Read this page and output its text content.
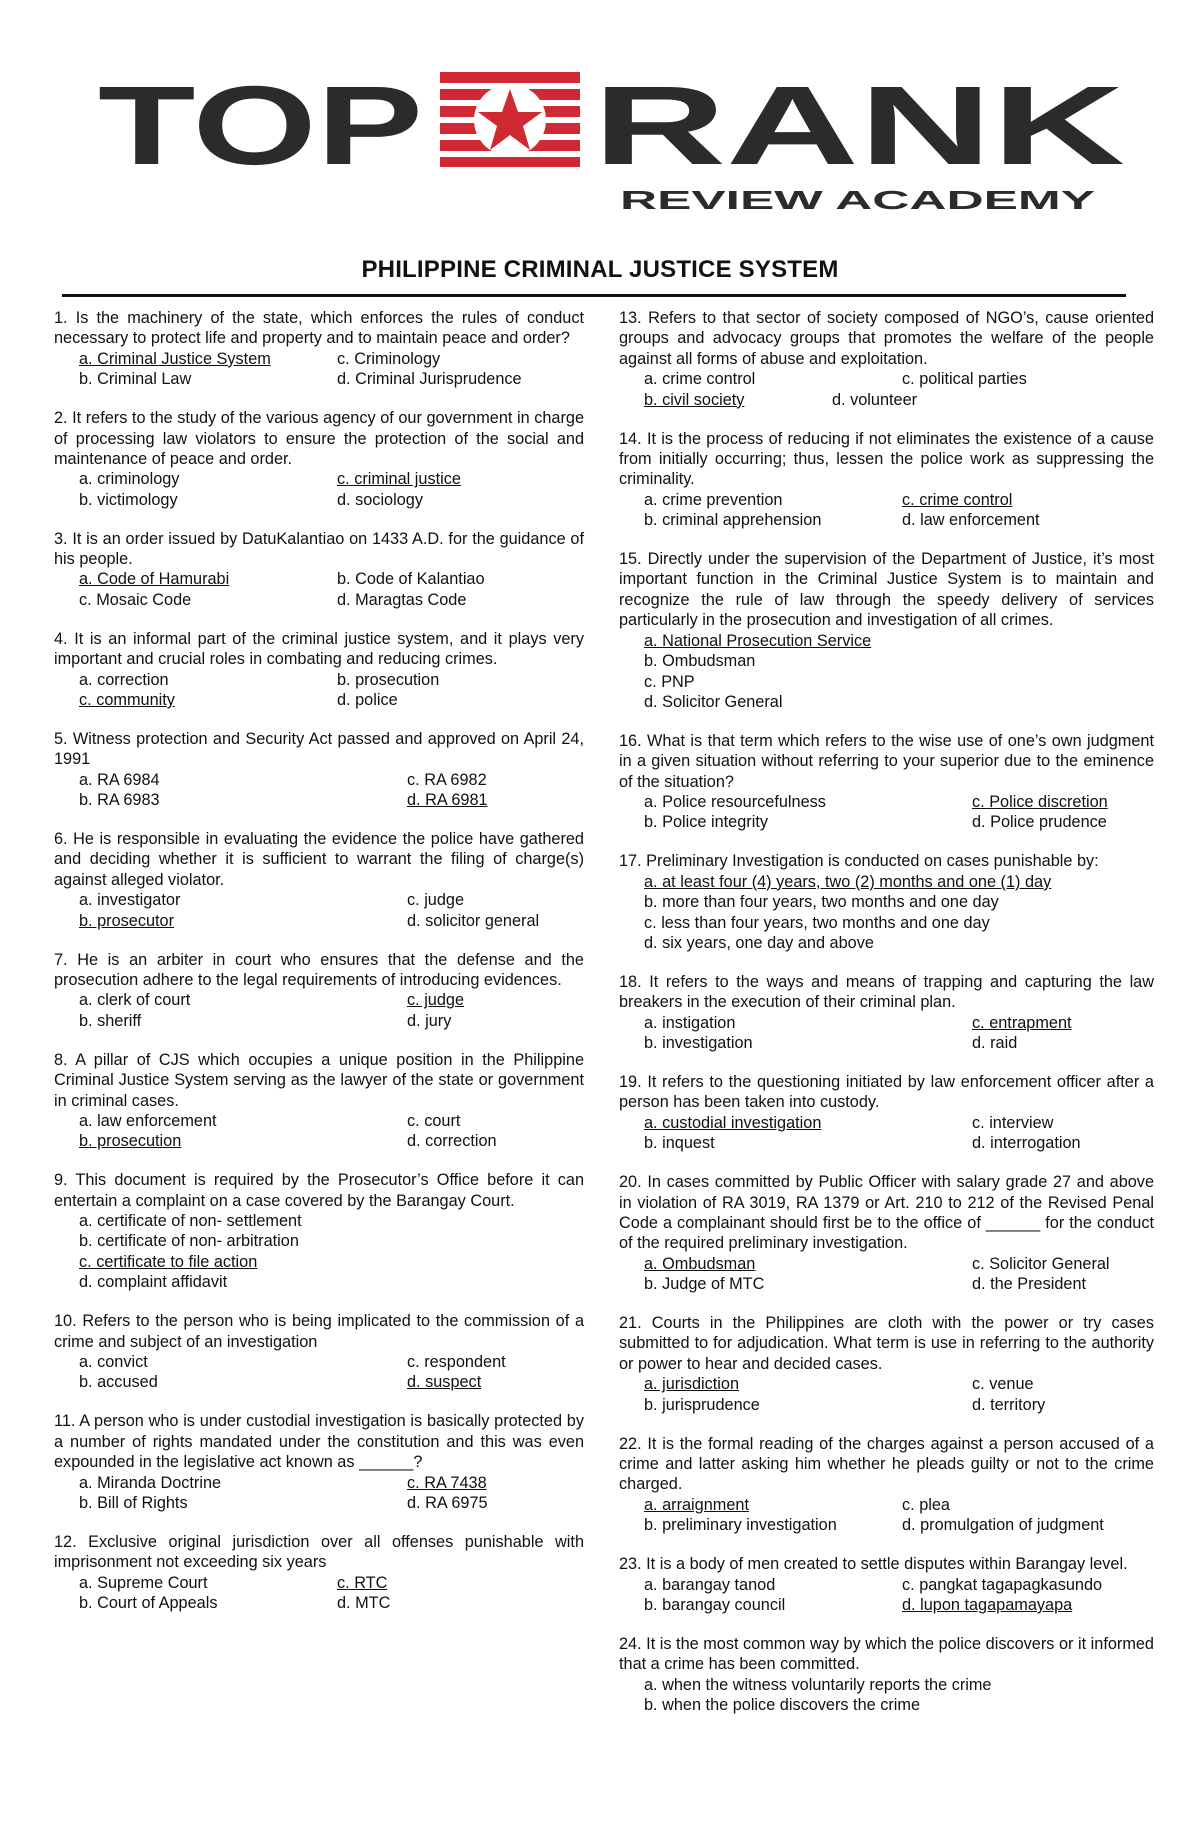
TOP RANK
REVIEW ACADEMY
PHILIPPINE CRIMINAL JUSTICE SYSTEM
1. Is the machinery of the state, which enforces the rules of conduct necessary to protect life and property and to maintain peace and order?
a. Criminal Justice System	c. Criminology
b. Criminal Law	d. Criminal Jurisprudence
2. It refers to the study of the various agency of our government in charge of processing law violators to ensure the protection of the social and maintenance of peace and order.
a. criminology	c. criminal justice
b. victimology	d. sociology
3. It is an order issued by DatuKalantiao on 1433 A.D. for the guidance of his people.
a. Code of Hamurabi	b. Code of Kalantiao
c. Mosaic Code	d. Maragtas Code
4. It is an informal part of the criminal justice system, and it plays very important and crucial roles in combating and reducing crimes.
a. correction	b. prosecution
c. community	d. police
5. Witness protection and Security Act passed and approved on April 24, 1991
a. RA 6984	c. RA 6982
b. RA 6983	d. RA 6981
6. He is responsible in evaluating the evidence the police have gathered and deciding whether it is sufficient to warrant the filing of charge(s) against alleged violator.
a. investigator	c. judge
b. prosecutor	d. solicitor general
7. He is an arbiter in court who ensures that the defense and the prosecution adhere to the legal requirements of introducing evidences.
a. clerk of court	c. judge
b. sheriff	d. jury
8. A pillar of CJS which occupies a unique position in the Philippine Criminal Justice System serving as the lawyer of the state or government in criminal cases.
a. law enforcement	c. court
b. prosecution	d. correction
9. This document is required by the Prosecutor’s Office before it can entertain a complaint on a case covered by the Barangay Court.
a. certificate of non- settlement
b. certificate of non- arbitration
c. certificate to file action
d. complaint affidavit
10. Refers to the person who is being implicated to the commission of a crime and subject of an investigation
a. convict	c. respondent
b. accused	d. suspect
11. A person who is under custodial investigation is basically protected by a number of rights mandated under the constitution and this was even expounded in the legislative act known as ______?
a. Miranda Doctrine	c. RA 7438
b. Bill of Rights	d. RA 6975
12. Exclusive original jurisdiction over all offenses punishable with imprisonment not exceeding six years
a. Supreme Court	c. RTC
b. Court of Appeals	d. MTC
13. Refers to that sector of society composed of NGO’s, cause oriented groups and advocacy groups that promotes the welfare of the people against all forms of abuse and exploitation.
a. crime control	c. political parties
b. civil society	d. volunteer
14. It is the process of reducing if not eliminates the existence of a cause from initially occurring; thus, lessen the police work as suppressing the criminality.
a. crime prevention	c. crime control
b. criminal apprehension	d. law enforcement
15. Directly under the supervision of the Department of Justice, it’s most important function in the Criminal Justice System is to maintain and recognize the rule of law through the speedy delivery of services particularly in the prosecution and investigation of all crimes.
a. National Prosecution Service
b. Ombudsman
c. PNP
d. Solicitor General
16. What is that term which refers to the wise use of one’s own judgment in a given situation without referring to your superior due to the eminence of the situation?
a. Police resourcefulness	c. Police discretion
b. Police integrity	d. Police prudence
17. Preliminary Investigation is conducted on cases punishable by:
a. at least four (4) years, two (2) months and one (1) day
b. more than four years, two months and one day
c. less than four years, two months and one day
d. six years, one day and above
18. It refers to the ways and means of trapping and capturing the law breakers in the execution of their criminal plan.
a. instigation	c. entrapment
b. investigation	d. raid
19. It refers to the questioning initiated by law enforcement officer after a person has been taken into custody.
a. custodial investigation	c. interview
b. inquest	d. interrogation
20. In cases committed by Public Officer with salary grade 27 and above in violation of RA 3019, RA 1379 or Art. 210 to 212 of the Revised Penal Code a complainant should first be to the office of ______ for the conduct of the required preliminary investigation.
a. Ombudsman	c. Solicitor General
b. Judge of MTC	d. the President
21. Courts in the Philippines are cloth with the power or try cases submitted to for adjudication. What term is use in referring to the authority or power to hear and decided cases.
a. jurisdiction	c. venue
b. jurisprudence	d. territory
22. It is the formal reading of the charges against a person accused of a crime and latter asking him whether he pleads guilty or not to the crime charged.
a. arraignment	c. plea
b. preliminary investigation	d. promulgation of judgment
23. It is a body of men created to settle disputes within Barangay level.
a. barangay tanod	c. pangkat tagapagkasundo
b. barangay council	d. lupon tagapamayapa
24. It is the most common way by which the police discovers or it informed that a crime has been committed.
a. when the witness voluntarily reports the crime
b. when the police discovers the crime
